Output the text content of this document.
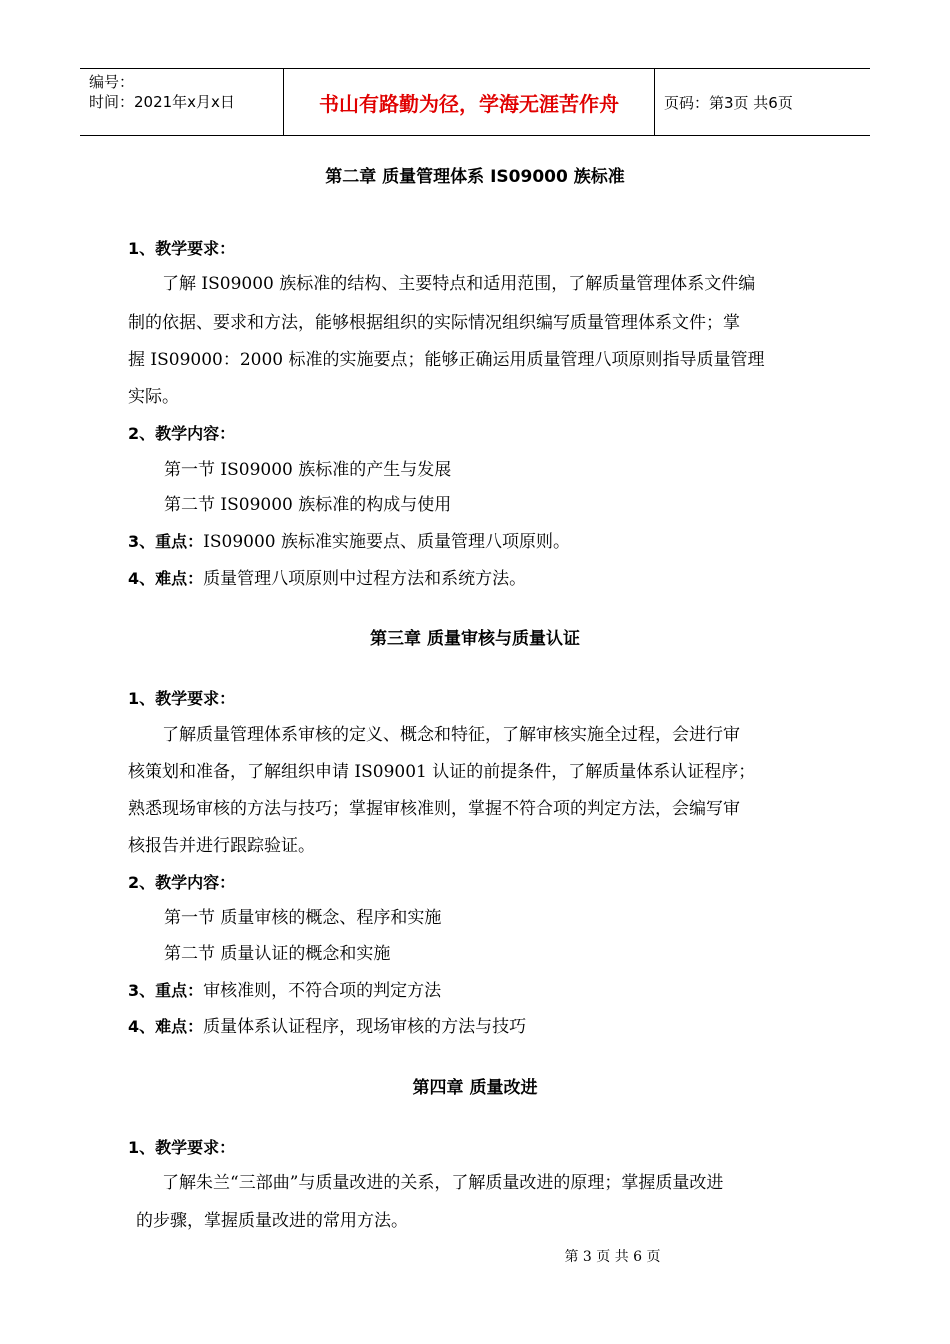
编号：
时间：2021年x月x日	书山有路勤为径，学海无涯苦作舟	页码：第3页 共6页
第二章 质量管理体系 IS09000 族标准
1、教学要求：
了解 IS09000 族标准的结构、主要特点和适用范围，了解质量管理体系文件编
制的依据、要求和方法，能够根据组织的实际情况组织编写质量管理体系文件；掌
握 IS09000：2000 标准的实施要点；能够正确运用质量管理八项原则指导质量管理
实际。
2、教学内容：
第一节 IS09000 族标准的产生与发展
第二节 IS09000 族标准的构成与使用
3、重点：IS09000 族标准实施要点、质量管理八项原则。
4、难点：质量管理八项原则中过程方法和系统方法。
第三章 质量审核与质量认证
1、教学要求：
了解质量管理体系审核的定义、概念和特征，了解审核实施全过程，会进行审
核策划和准备，了解组织申请 IS09001 认证的前提条件，了解质量体系认证程序；
熟悉现场审核的方法与技巧；掌握审核准则，掌握不符合项的判定方法，会编写审
核报告并进行跟踪验证。
2、教学内容：
第一节 质量审核的概念、程序和实施
第二节 质量认证的概念和实施
3、重点：审核准则，不符合项的判定方法
4、难点：质量体系认证程序，现场审核的方法与技巧
第四章 质量改进
1、教学要求：
了解朱兰“三部曲”与质量改进的关系，了解质量改进的原理；掌握质量改进
的步骤，掌握质量改进的常用方法。
第 3 页 共 6 页
